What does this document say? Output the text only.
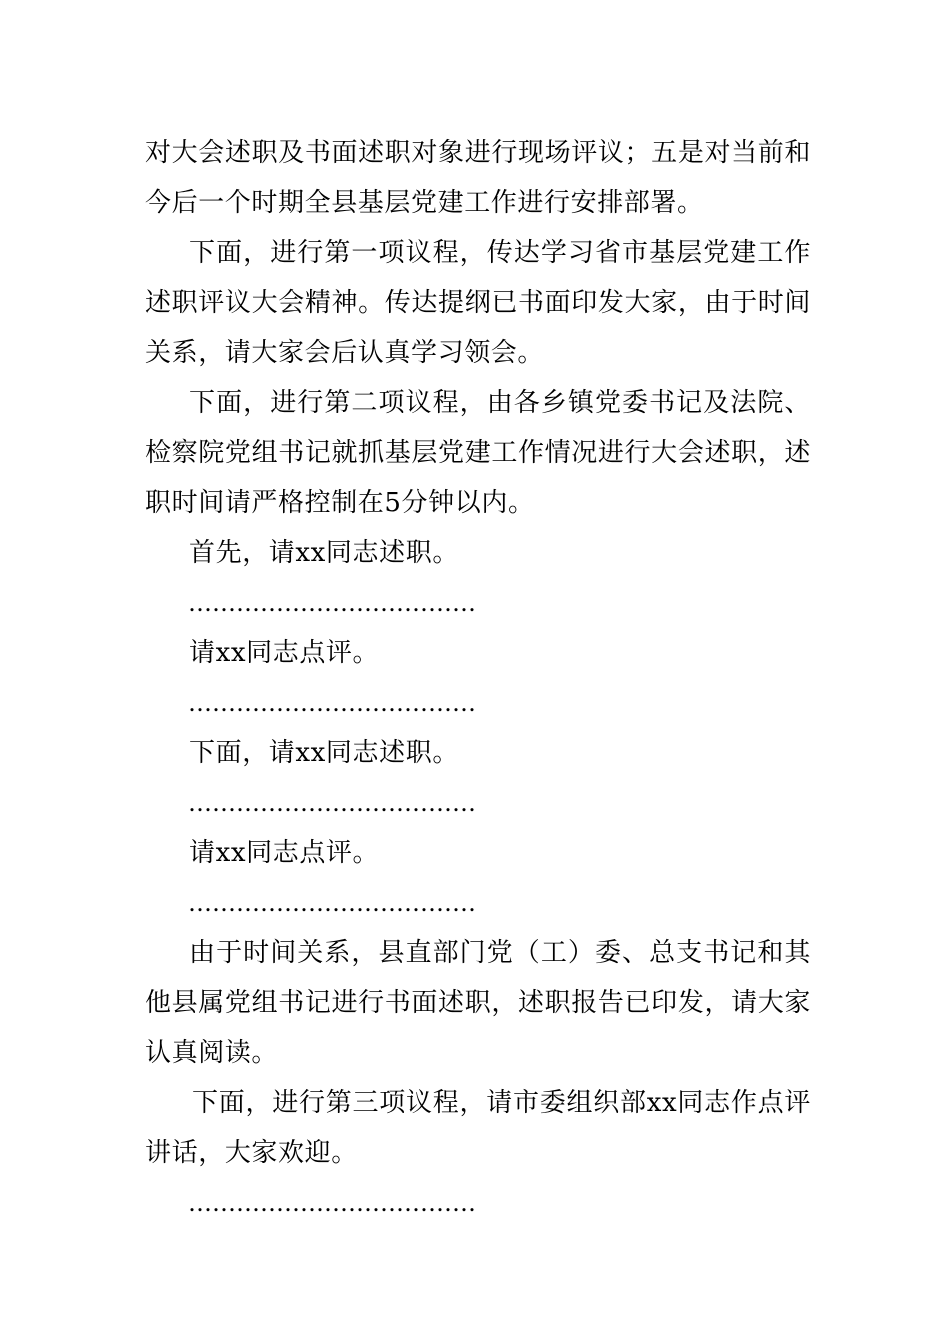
对大会述职及书面述职对象进行现场评议；五是对当前和今后一个时期全县基层党建工作进行安排部署。

下面，进行第一项议程，传达学习省市基层党建工作述职评议大会精神。传达提纲已书面印发大家，由于时间关系，请大家会后认真学习领会。

下面，进行第二项议程，由各乡镇党委书记及法院、检察院党组书记就抓基层党建工作情况进行大会述职，述职时间请严格控制在5分钟以内。

首先，请xx同志述职。

………………………………

请xx同志点评。

………………………………

下面，请xx同志述职。

………………………………

请xx同志点评。

………………………………

由于时间关系，县直部门党（工）委、总支书记和其他县属党组书记进行书面述职，述职报告已印发，请大家认真阅读。

下面，进行第三项议程，请市委组织部xx同志作点评讲话，大家欢迎。

………………………………
